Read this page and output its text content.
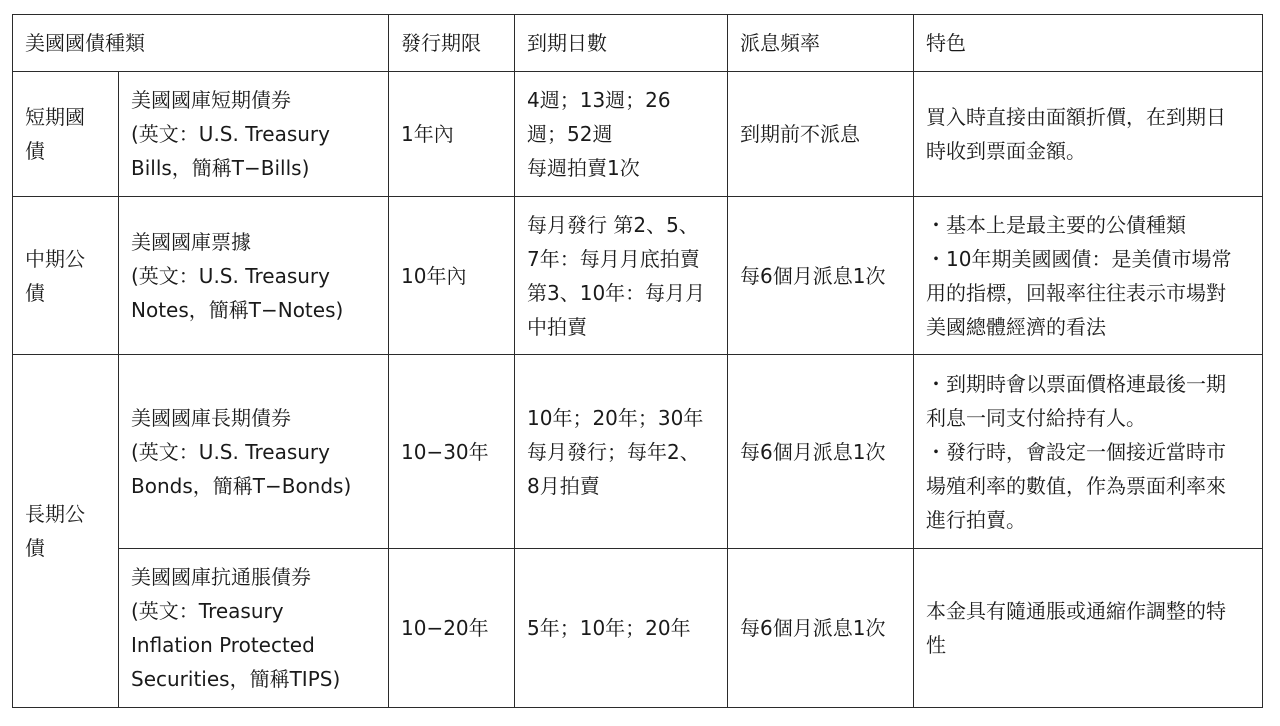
美國國債種類		發行期限	到期日數	派息頻率	特色

短期國
債	美國國庫短期債券
(英文：U.S. Treasury
Bills，簡稱T−Bills)	1年內	4週；13週；26
週；52週
每週拍賣1次	到期前不派息	買入時直接由面額折價，在到期日
時收到票面金額。

中期公
債	美國國庫票據
(英文：U.S. Treasury
Notes，簡稱T−Notes)	10年內	每月發行 第2、5、
7年：每月月底拍賣
第3、10年：每月月
中拍賣	每6個月派息1次	・基本上是最主要的公債種類
・10年期美國國債：是美債市場常
用的指標，回報率往往表示市場對
美國總體經濟的看法

長期公
債	美國國庫長期債券
(英文：U.S. Treasury
Bonds，簡稱T−Bonds)	10−30年	10年；20年；30年
每月發行；每年2、
8月拍賣	每6個月派息1次	・到期時會以票面價格連最後一期
利息一同支付給持有人。
・發行時，會設定一個接近當時市
場殖利率的數值，作為票面利率來
進行拍賣。

	美國國庫抗通脹債券
(英文：Treasury
Inflation Protected
Securities，簡稱TIPS)	10−20年	5年；10年；20年	每6個月派息1次	本金具有隨通脹或通縮作調整的特
性
